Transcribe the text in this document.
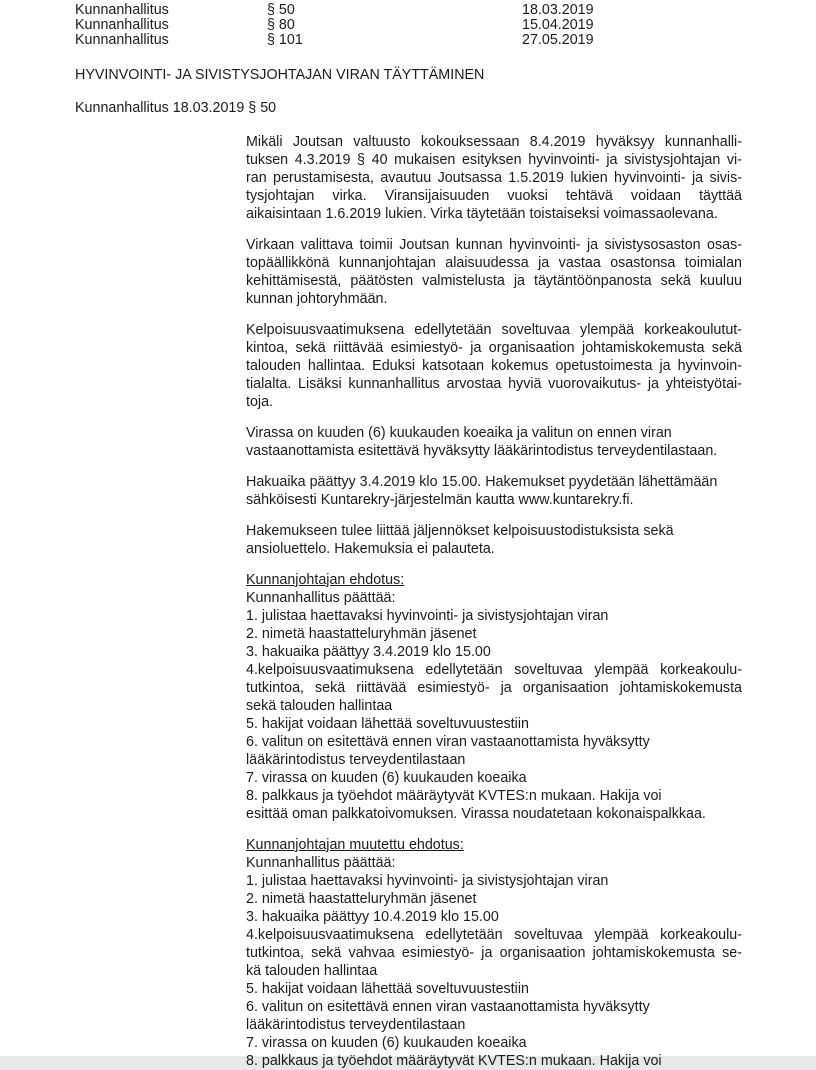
Kunnanhallitus	§ 50	18.03.2019
Kunnanhallitus	§ 80	15.04.2019
Kunnanhallitus	§ 101	27.05.2019
HYVINVOINTI- JA SIVISTYSJOHTAJAN VIRAN TÄYTTÄMINEN
Kunnanhallitus 18.03.2019 § 50
Mikäli Joutsan valtuusto kokouksessaan 8.4.2019 hyväksyy kunnanhalli-
tuksen 4.3.2019 § 40 mukaisen esityksen hyvinvointi- ja sivistysjohtajan vi-
ran perustamisesta, avautuu Joutsassa 1.5.2019 lukien hyvinvointi- ja sivis-
tysjohtajan virka. Viransijaisuuden vuoksi tehtävä voidaan täyttää
aikaisintaan 1.6.2019 lukien. Virka täytetään toistaiseksi voimassaolevana.
Virkaan valittava toimii Joutsan kunnan hyvinvointi- ja sivistysosaston osas-
topäällikkönä kunnanjohtajan alaisuudessa ja vastaa osastonsa toimialan
kehittämisestä, päätösten valmistelusta ja täytäntöönpanosta sekä kuuluu
kunnan johtoryhmään.
Kelpoisuusvaatimuksena edellytetään soveltuvaa ylempää korkeakoulutut-
kintoa, sekä riittävää esimiestyö- ja organisaation johtamiskokemusta sekä
talouden hallintaa. Eduksi katsotaan kokemus opetustoimesta ja hyvinvoin-
tialalta. Lisäksi kunnanhallitus arvostaa hyviä vuorovaikutus- ja yhteistyötai-
toja.
Virassa on kuuden (6) kuukauden koeaika ja valitun on ennen viran
vastaanottamista esitettävä hyväksytty lääkärintodistus terveydentilastaan.
Hakuaika päättyy 3.4.2019 klo 15.00. Hakemukset pyydetään lähettämään
sähköisesti Kuntarekry-järjestelmän kautta www.kuntarekry.fi.
Hakemukseen tulee liittää jäljennökset kelpoisuustodistuksista sekä
ansioluettelo. Hakemuksia ei palauteta.
Kunnanjohtajan ehdotus:
Kunnanhallitus päättää:
1. julistaa haettavaksi hyvinvointi- ja sivistysjohtajan viran
2. nimetä haastatteluryhmän jäsenet
3. hakuaika päättyy 3.4.2019 klo 15.00
4.kelpoisuusvaatimuksena edellytetään soveltuvaa ylempää korkeakoulu-
tutkintoa, sekä riittävää esimiestyö- ja organisaation johtamiskokemusta
sekä talouden hallintaa
5. hakijat voidaan lähettää soveltuvuustestiin
6. valitun on esitettävä ennen viran vastaanottamista hyväksytty
lääkärintodistus terveydentilastaan
7. virassa on kuuden (6) kuukauden koeaika
8. palkkaus ja työehdot määräytyvät KVTES:n mukaan. Hakija voi
esittää oman palkkatoivomuksen. Virassa noudatetaan kokonaispalkkaa.
Kunnanjohtajan muutettu ehdotus:
Kunnanhallitus päättää:
1. julistaa haettavaksi hyvinvointi- ja sivistysjohtajan viran
2. nimetä haastatteluryhmän jäsenet
3. hakuaika päättyy 10.4.2019 klo 15.00
4.kelpoisuusvaatimuksena edellytetään soveltuvaa ylempää korkeakoulu-
tutkintoa, sekä vahvaa esimiestyö- ja organisaation johtamiskokemusta se-
kä talouden hallintaa
5. hakijat voidaan lähettää soveltuvuustestiin
6. valitun on esitettävä ennen viran vastaanottamista hyväksytty
lääkärintodistus terveydentilastaan
7. virassa on kuuden (6) kuukauden koeaika
8. palkkaus ja työehdot määräytyvät KVTES:n mukaan. Hakija voi
